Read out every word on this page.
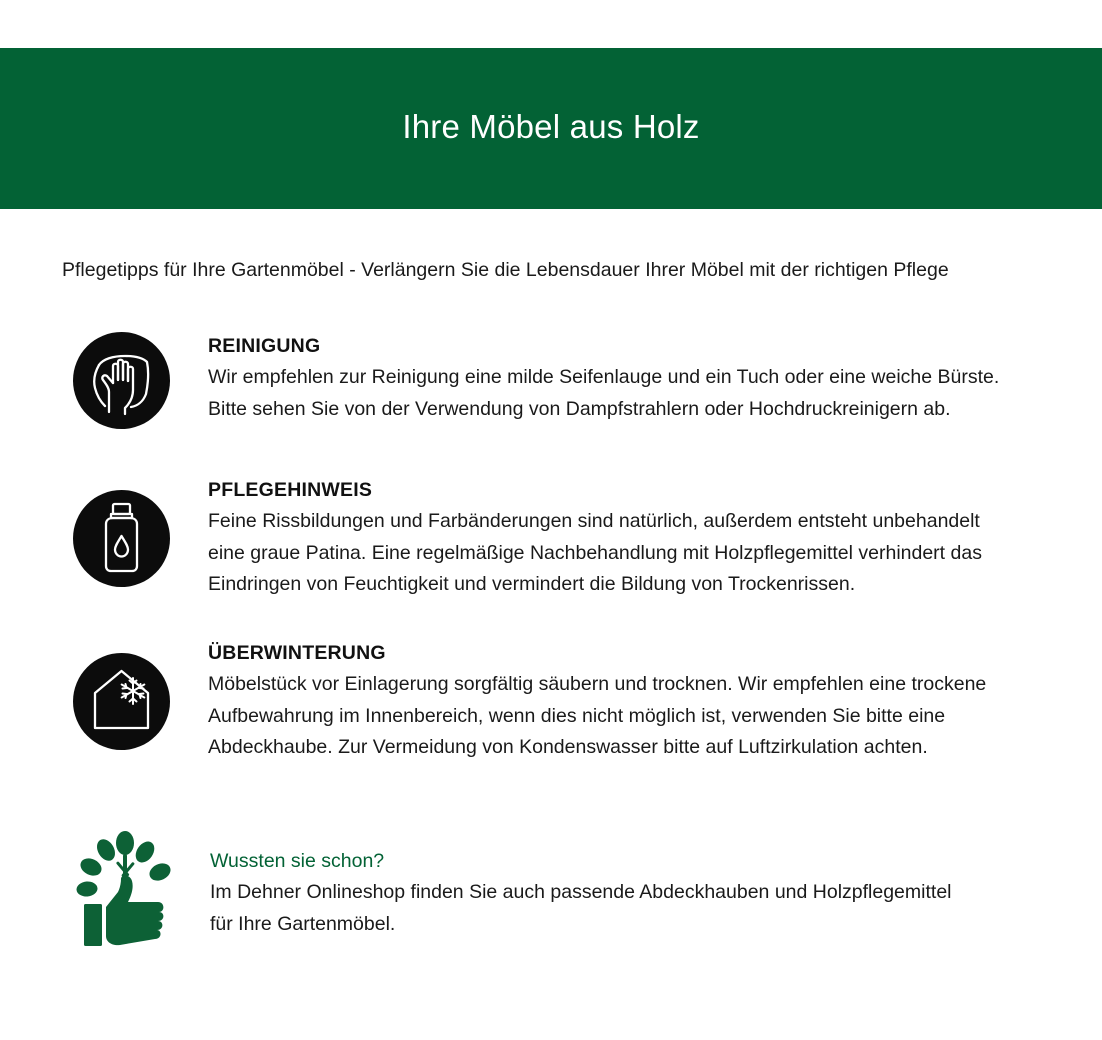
Ihre Möbel aus Holz

Pflegetipps für Ihre Gartenmöbel - Verlängern Sie die Lebensdauer Ihrer Möbel mit der richtigen Pflege

REINIGUNG
Wir empfehlen zur Reinigung eine milde Seifenlauge und ein Tuch oder eine weiche Bürste.
Bitte sehen Sie von der Verwendung von Dampfstrahlern oder Hochdruckreinigern ab.
PFLEGEHINWEIS
Feine Rissbildungen und Farbänderungen sind natürlich, außerdem entsteht unbehandelt
eine graue Patina. Eine regelmäßige Nachbehandlung mit Holzpflegemittel verhindert das
Eindringen von Feuchtigkeit und vermindert die Bildung von Trockenrissen.
ÜBERWINTERUNG
Möbelstück vor Einlagerung sorgfältig säubern und trocknen. Wir empfehlen eine trockene
Aufbewahrung im Innenbereich, wenn dies nicht möglich ist, verwenden Sie bitte eine
Abdeckhaube. Zur Vermeidung von Kondenswasser bitte auf Luftzirkulation achten.
Wussten sie schon?
Im Dehner Onlineshop finden Sie auch passende Abdeckhauben und Holzpflegemittel
für Ihre Gartenmöbel.
